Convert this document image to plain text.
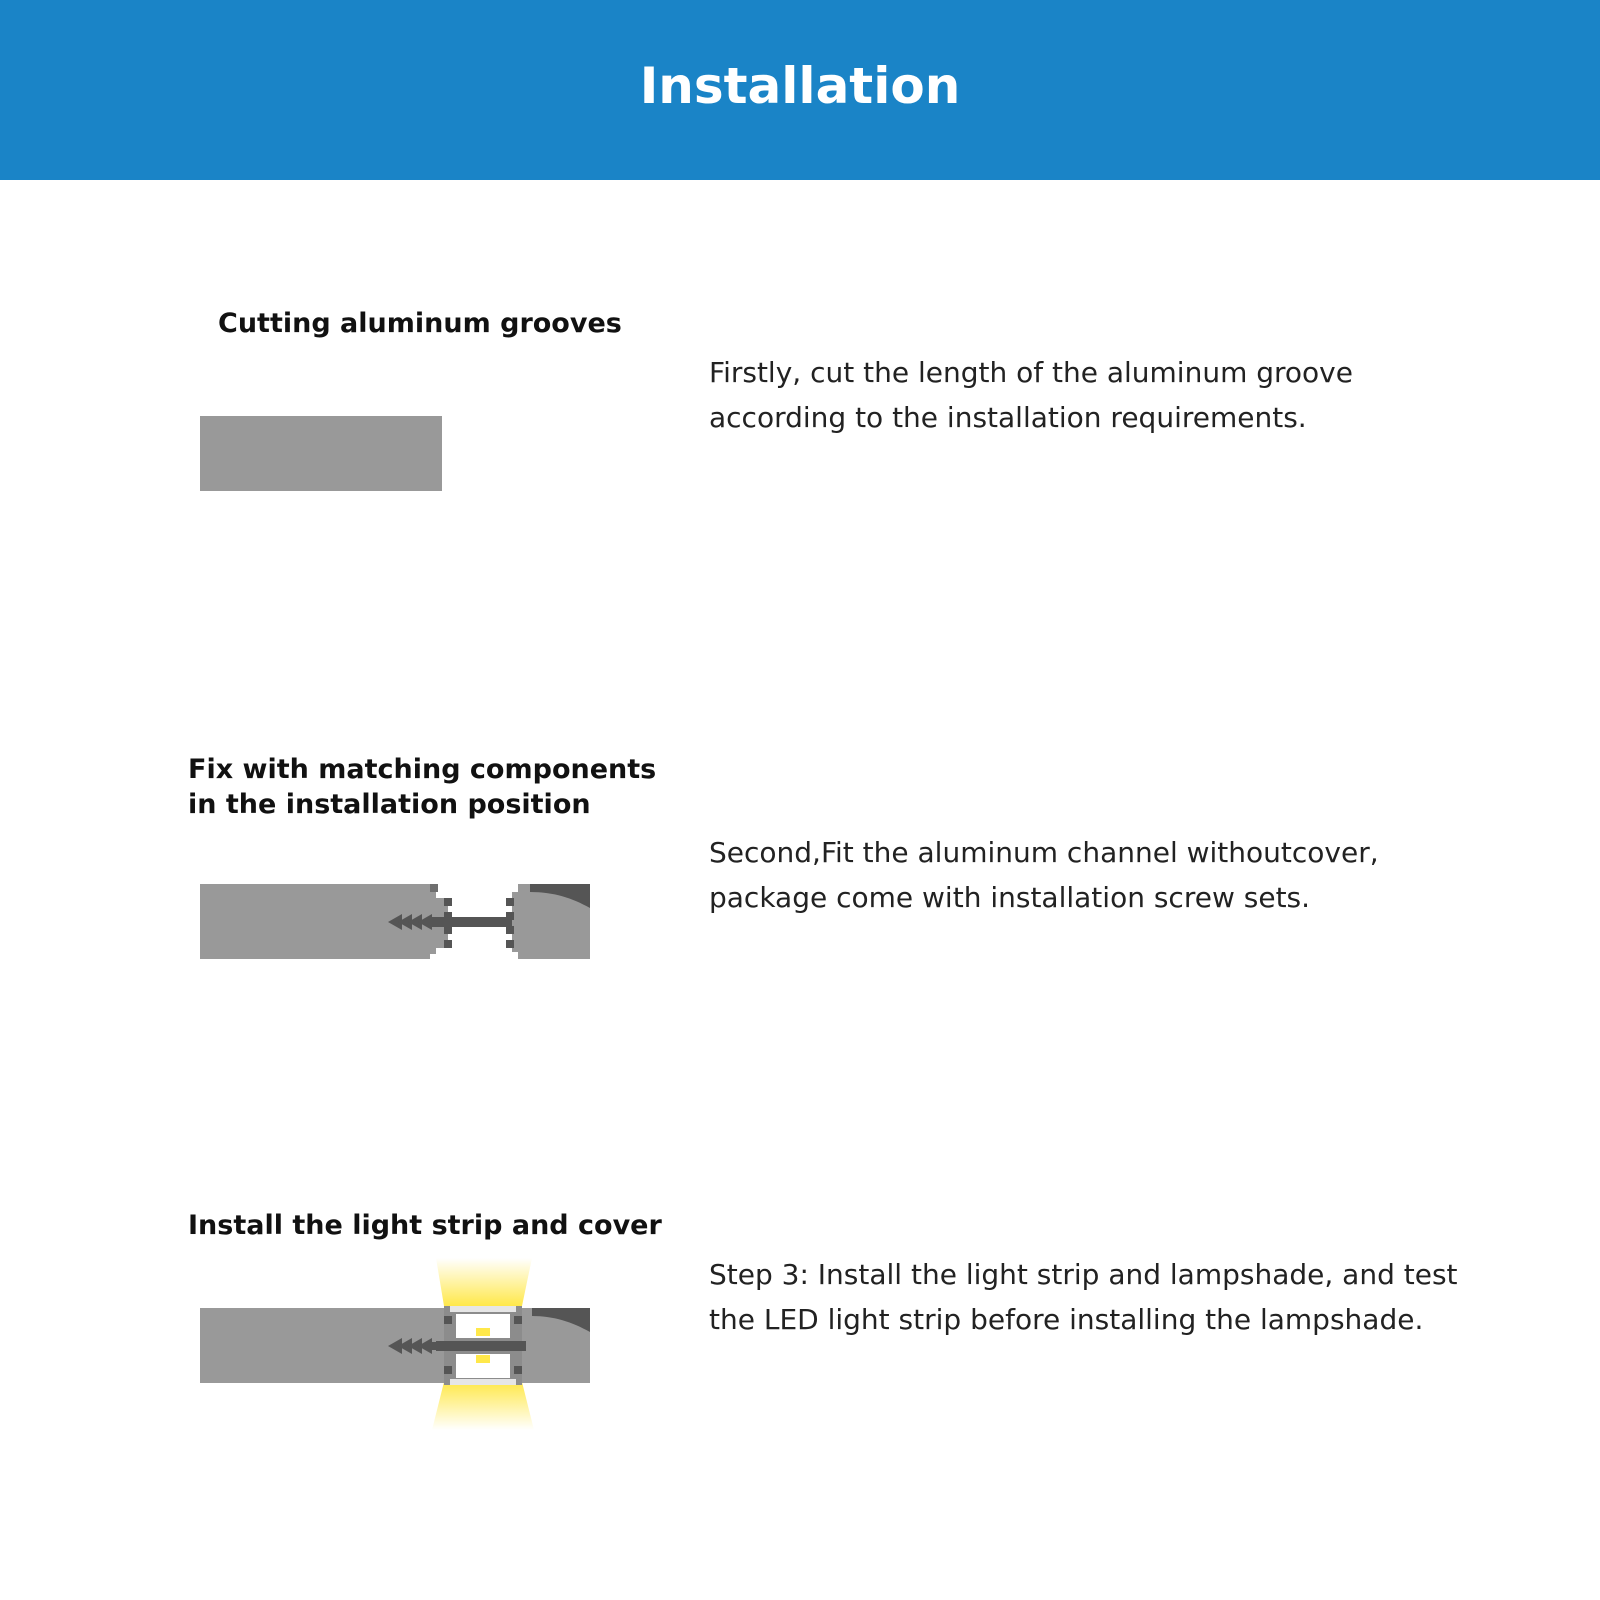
Installation
Cutting aluminum grooves

Firstly, cut the length of the aluminum groove according to the installation requirements.

Fix with matching components
in the installation position

Second,Fit the aluminum channel withoutcover, package come with installation screw sets.

Install the light strip and cover

Step 3: Install the light strip and lampshade, and test the LED light strip before installing the lampshade.
